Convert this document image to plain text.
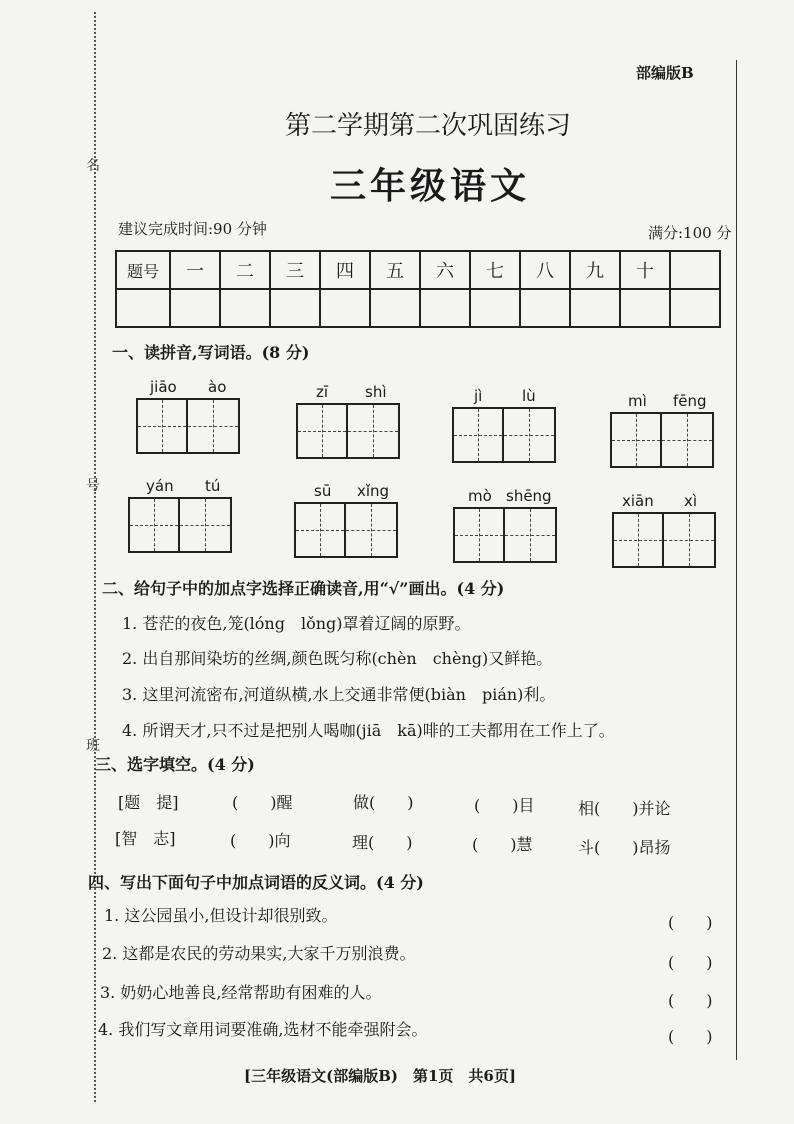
名
号
班
部编版B
第二学期第二次巩固练习
三年级语文
建议完成时间:90 分钟	满分:100 分
题号	一	二	三	四	五	六	七	八	九	十	

一、读拼音,写词语。(8 分)
jiāo ào	zī shì	jì	lù	mì fēng
yán tú	sū xǐng	mò shēng	xiān xì
二、给句子中的加点字选择正确读音,用“√”画出。(4 分)
1. 苍茫的夜色,笼(lóng　lǒng)罩着辽阔的原野。
2. 出自那间染坊的丝绸,颜色既匀称(chèn　chèng)又鲜艳。
3. 这里河流密布,河道纵横,水上交通非常便(biàn　pián)利。
4. 所谓天才,只不过是把别人喝咖(jiā　kā)啡的工夫都用在工作上了。
三、选字填空。(4 分)
[题　提]	(　　)醒	做(　　)	(　　)目	相(　　)并论
[智　志]	(　　)向	理(　　)	(　　)慧	斗(　　)昂扬
四、写出下面句子中加点词语的反义词。(4 分)
1. 这公园虽小,但设计却很别致。	(　　)
2. 这都是农民的劳动果实,大家千万别浪费。	(　　)
3. 奶奶心地善良,经常帮助有困难的人。	(　　)
4. 我们写文章用词要准确,选材不能牵强附会。	(　　)
[三年级语文(部编版B)　第1页　共6页]
